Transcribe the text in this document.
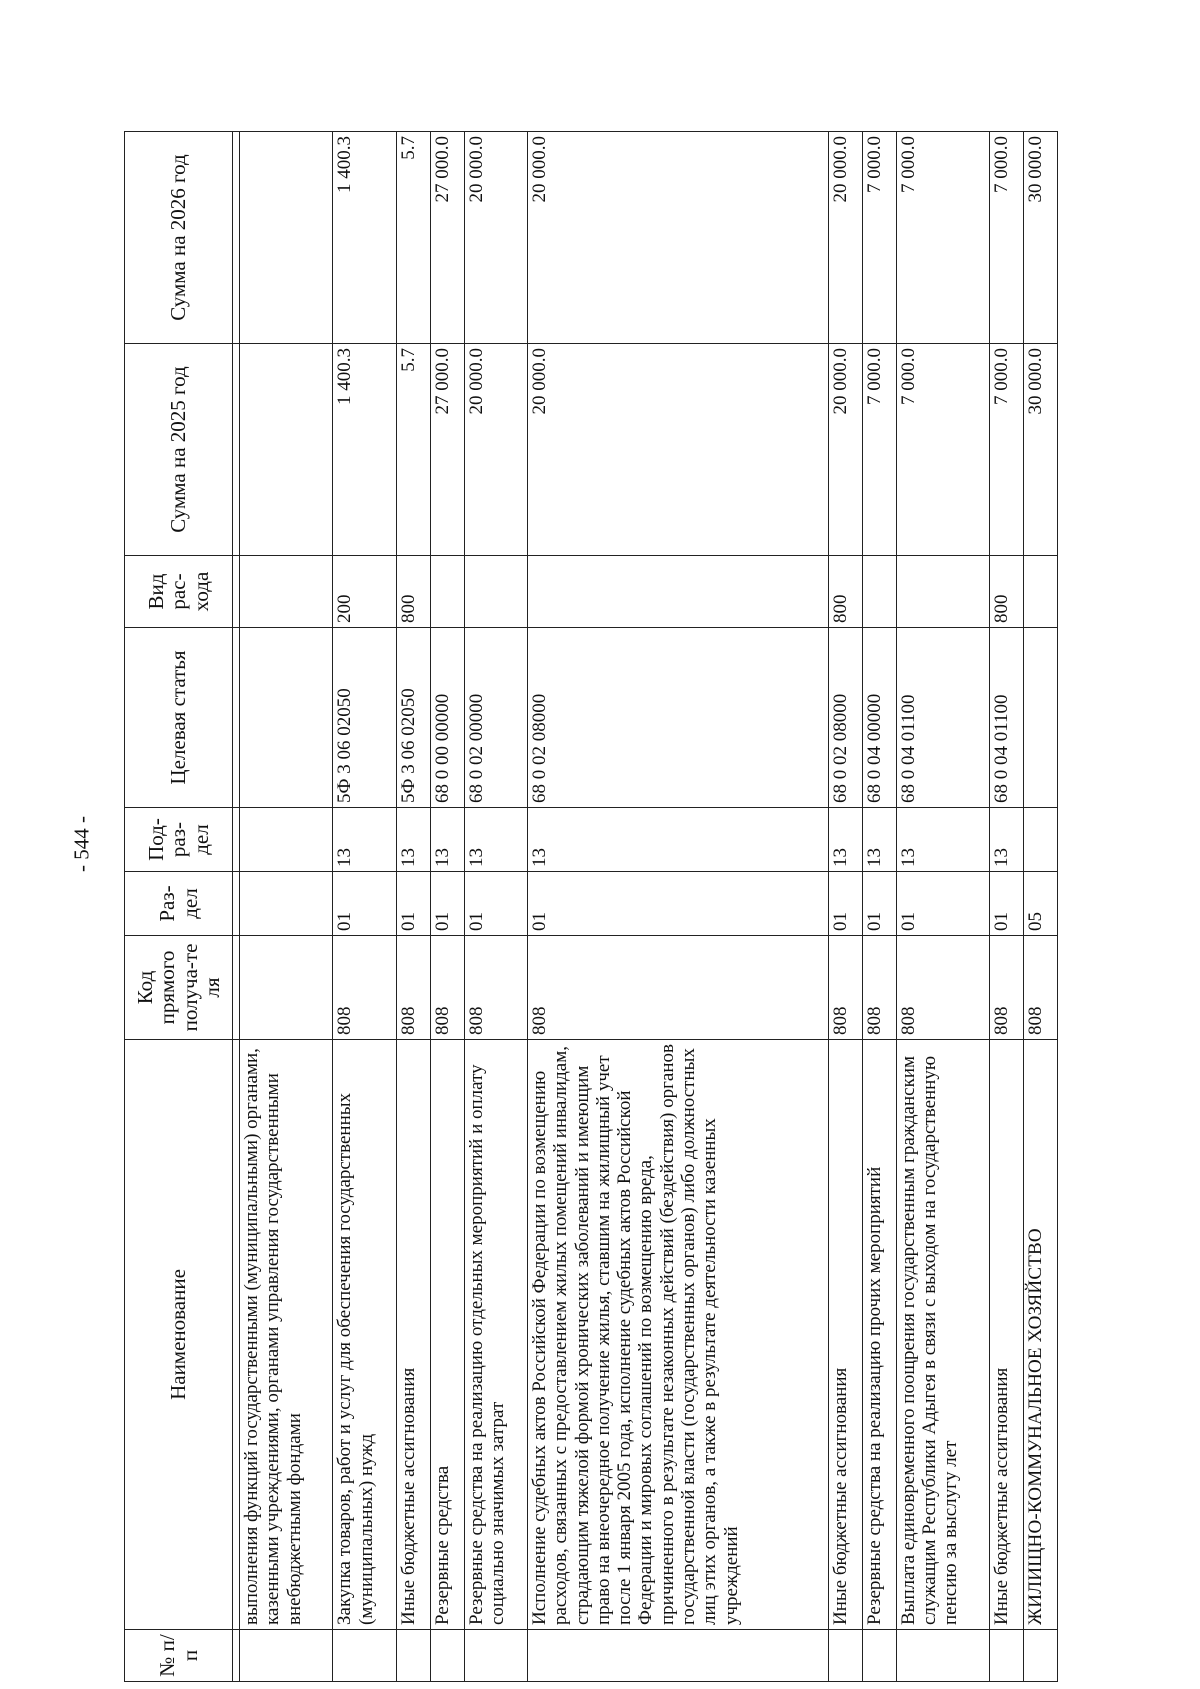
- 544 -
№ п/п	Наименование	Код прямого получа-те ля	Раз- дел	Под- раз- дел	Целевая статья	Вид рас- хода	Сумма на 2025 год	Сумма на 2026 год

	выполнения функций государственными (муниципальными) органами, казенными учреждениями, органами управления государственными внебюджетными фондами							
	Закупка товаров, работ и услуг для обеспечения государственных (муниципальных) нужд	808	01	13	5Ф 3 06 02050	200	1 400.3	1 400.3
	Иные бюджетные ассигнования	808	01	13	5Ф 3 06 02050	800	5.7	5.7
	Резервные средства	808	01	13	68 0 00 00000		27 000.0	27 000.0
	Резервные средства на реализацию отдельных мероприятий и оплату социально значимых затрат	808	01	13	68 0 02 00000		20 000.0	20 000.0
	Исполнение судебных актов Российской Федерации по возмещению расходов, связанных с предоставлением жилых помещений инвалидам, страдающим тяжелой формой хронических заболеваний и имеющим право на внеочередное получение жилья, ставшим на жилищный учет после 1 января 2005 года, исполнение судебных актов Российской Федерации и мировых соглашений по возмещению вреда, причиненного в результате незаконных действий (бездействия) органов государственной власти (государственных органов) либо должностных лиц этих органов, а также в результате деятельности казенных учреждений	808	01	13	68 0 02 08000		20 000.0	20 000.0
	Иные бюджетные ассигнования	808	01	13	68 0 02 08000	800	20 000.0	20 000.0
	Резервные средства на реализацию прочих мероприятий	808	01	13	68 0 04 00000		7 000.0	7 000.0
	Выплата единовременного поощрения государственным гражданским служащим Республики Адыгея в связи с выходом на государственную пенсию за выслугу лет	808	01	13	68 0 04 01100		7 000.0	7 000.0
	Иные бюджетные ассигнования	808	01	13	68 0 04 01100	800	7 000.0	7 000.0
	ЖИЛИЩНО-КОММУНАЛЬНОЕ ХОЗЯЙСТВО	808	05				30 000.0	30 000.0
